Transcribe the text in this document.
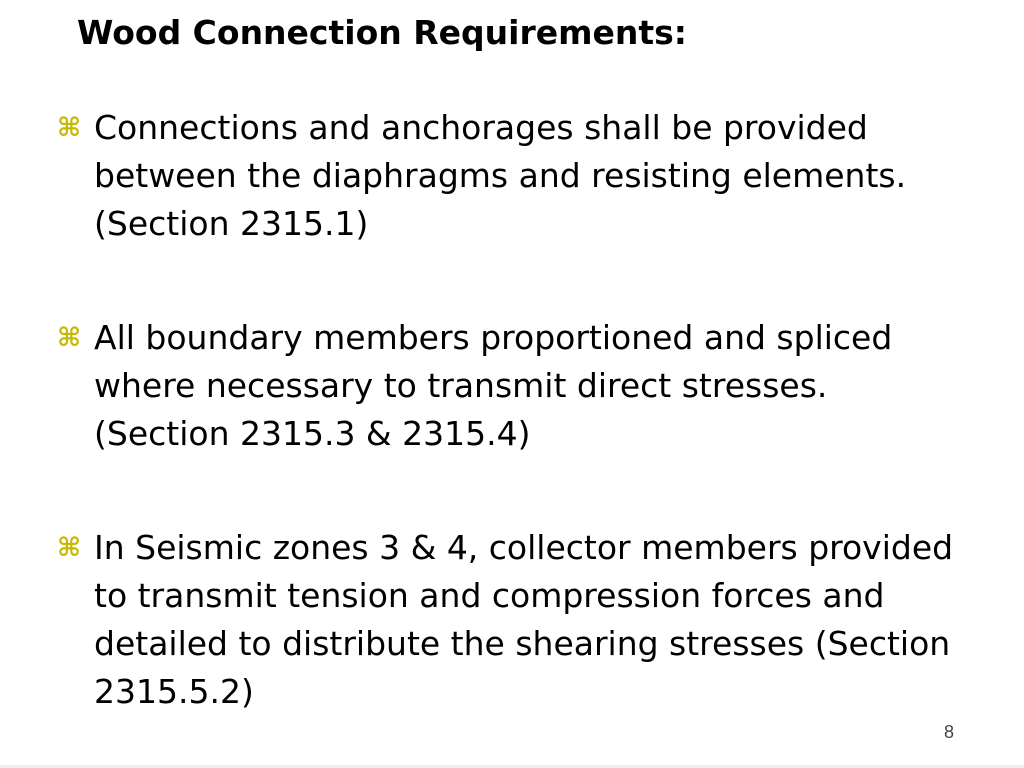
Wood Connection Requirements:
⌘ Connections and anchorages shall be provided between the diaphragms and resisting elements. (Section 2315.1)
⌘ All boundary members proportioned and spliced where necessary to transmit direct stresses. (Section 2315.3 & 2315.4)
⌘ In Seismic zones 3 & 4, collector members provided to transmit tension and compression forces and detailed to distribute the shearing stresses (Section 2315.5.2)
8
